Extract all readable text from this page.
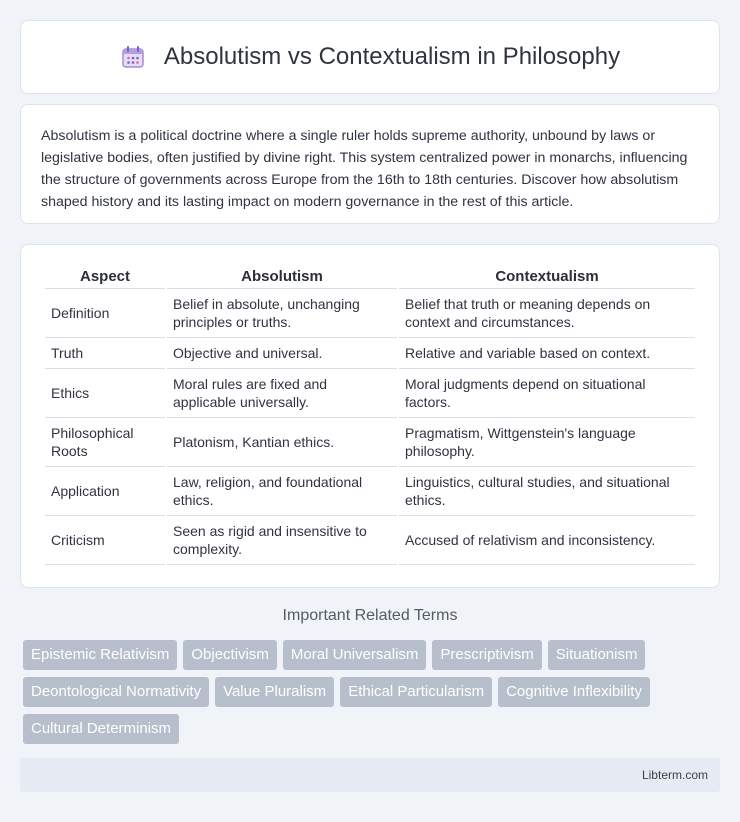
Absolutism vs Contextualism in Philosophy

Absolutism is a political doctrine where a single ruler holds supreme authority, unbound by laws or legislative bodies, often justified by divine right. This system centralized power in monarchs, influencing the structure of governments across Europe from the 16th to 18th centuries. Discover how absolutism shaped history and its lasting impact on modern governance in the rest of this article.

Aspect	Absolutism	Contextualism
Definition	Belief in absolute, unchanging principles or truths.	Belief that truth or meaning depends on context and circumstances.
Truth	Objective and universal.	Relative and variable based on context.
Ethics	Moral rules are fixed and applicable universally.	Moral judgments depend on situational factors.
Philosophical Roots	Platonism, Kantian ethics.	Pragmatism, Wittgenstein's language philosophy.
Application	Law, religion, and foundational ethics.	Linguistics, cultural studies, and situational ethics.
Criticism	Seen as rigid and insensitive to complexity.	Accused of relativism and inconsistency.
Important Related Terms
Epistemic Relativism	Objectivism	Moral Universalism	Prescriptivism	Situationism
Deontological Normativity	Value Pluralism	Ethical Particularism	Cognitive Inflexibility
Cultural Determinism
Libterm.com
